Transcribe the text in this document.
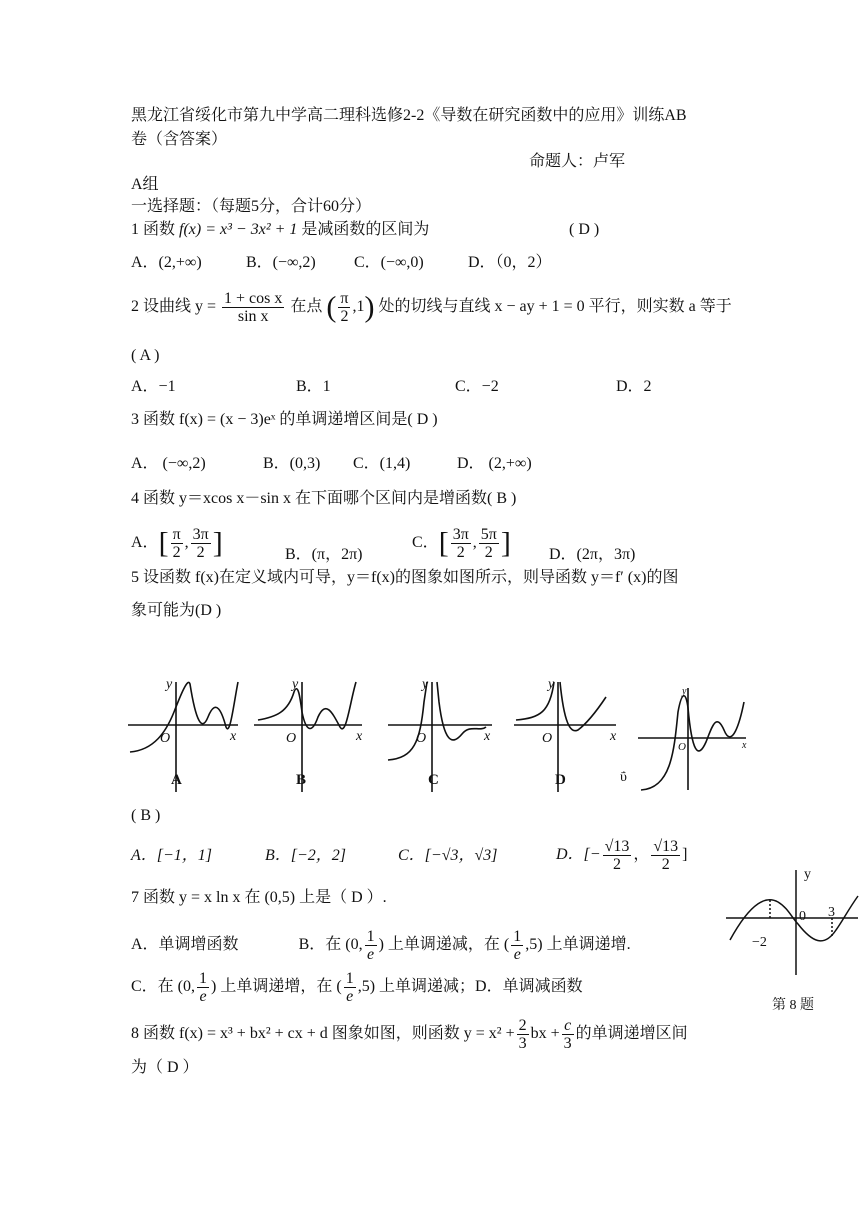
黑龙江省绥化市第九中学高二理科选修2-2《导数在研究函数中的应用》训练AB
卷（含答案）
命题人：卢军
A组
一选择题：（每题5分，合计60分）
1 函数 f(x) = x³ − 3x² + 1 是减函数的区间为	( D )
A．(2,+∞)	B．(−∞,2) C．(−∞,0)	D．（0，2）
2 设曲线 $y = \frac{\text{1 + cos x}}{\text{sin x}}$ 在点 ( $\frac{\pi}{2} ,1$) 处的切线与直线 x − ay + 1 = 0 平行，则实数 a 等于
( A )
A．−1	B．1	C．−2	D．2
3 函数 f(x) = (x − 3)eˣ 的单调递增区间是( D )
A． (−∞,2)	B．(0,3) C．(1,4)	D． (2,+∞)
4 函数 y＝xcos x－sin x 在下面哪个区间内是增函数( B )
A．[ $\frac{\pi}{2}$ , $\frac{3\pi}{2}$ ]	B．(π，2π)
C．[ $\frac{3\pi}{2}$ , $\frac{5\pi}{2}$ ] D．(2π，3π)
5 设函数 f(x)在定义域内可导，y＝f(x)的图象如图所示，则导函数 y＝f′ (x)的图
象可能为(D )
y
x
O
y
x
O
y
x
O
y
x
O
y
x
O
A	B	C	D	ΰ
( B )
A．[−1，1]	B．[−2，2]	C．[−√3，√3]	D．[− $\frac{√13}{2}$ ， $\frac{√13}{2}$ ]
7 函数 y = x ln x 在 (0,5) 上是（ D ）.
A．单调增函数	B．在 (0, $\frac{1}{e}$ ) 上单调递减，在 ( $\frac{1}{e} ,5$) 上单调递增.
C．在 (0, $\frac{1}{e}$ ) 上单调递增，在 ( $\frac{1}{e} ,5$) 上单调递减；D．单调减函数
8 函数 f(x) = x³ + bx² + cx + d 图象如图，则函数 $y = x^2 + \frac{2}{3}$ bx + $\frac{c}{3}$ 的单调递增区间
为（ D ）
y
0 3
−2
第 8 题
